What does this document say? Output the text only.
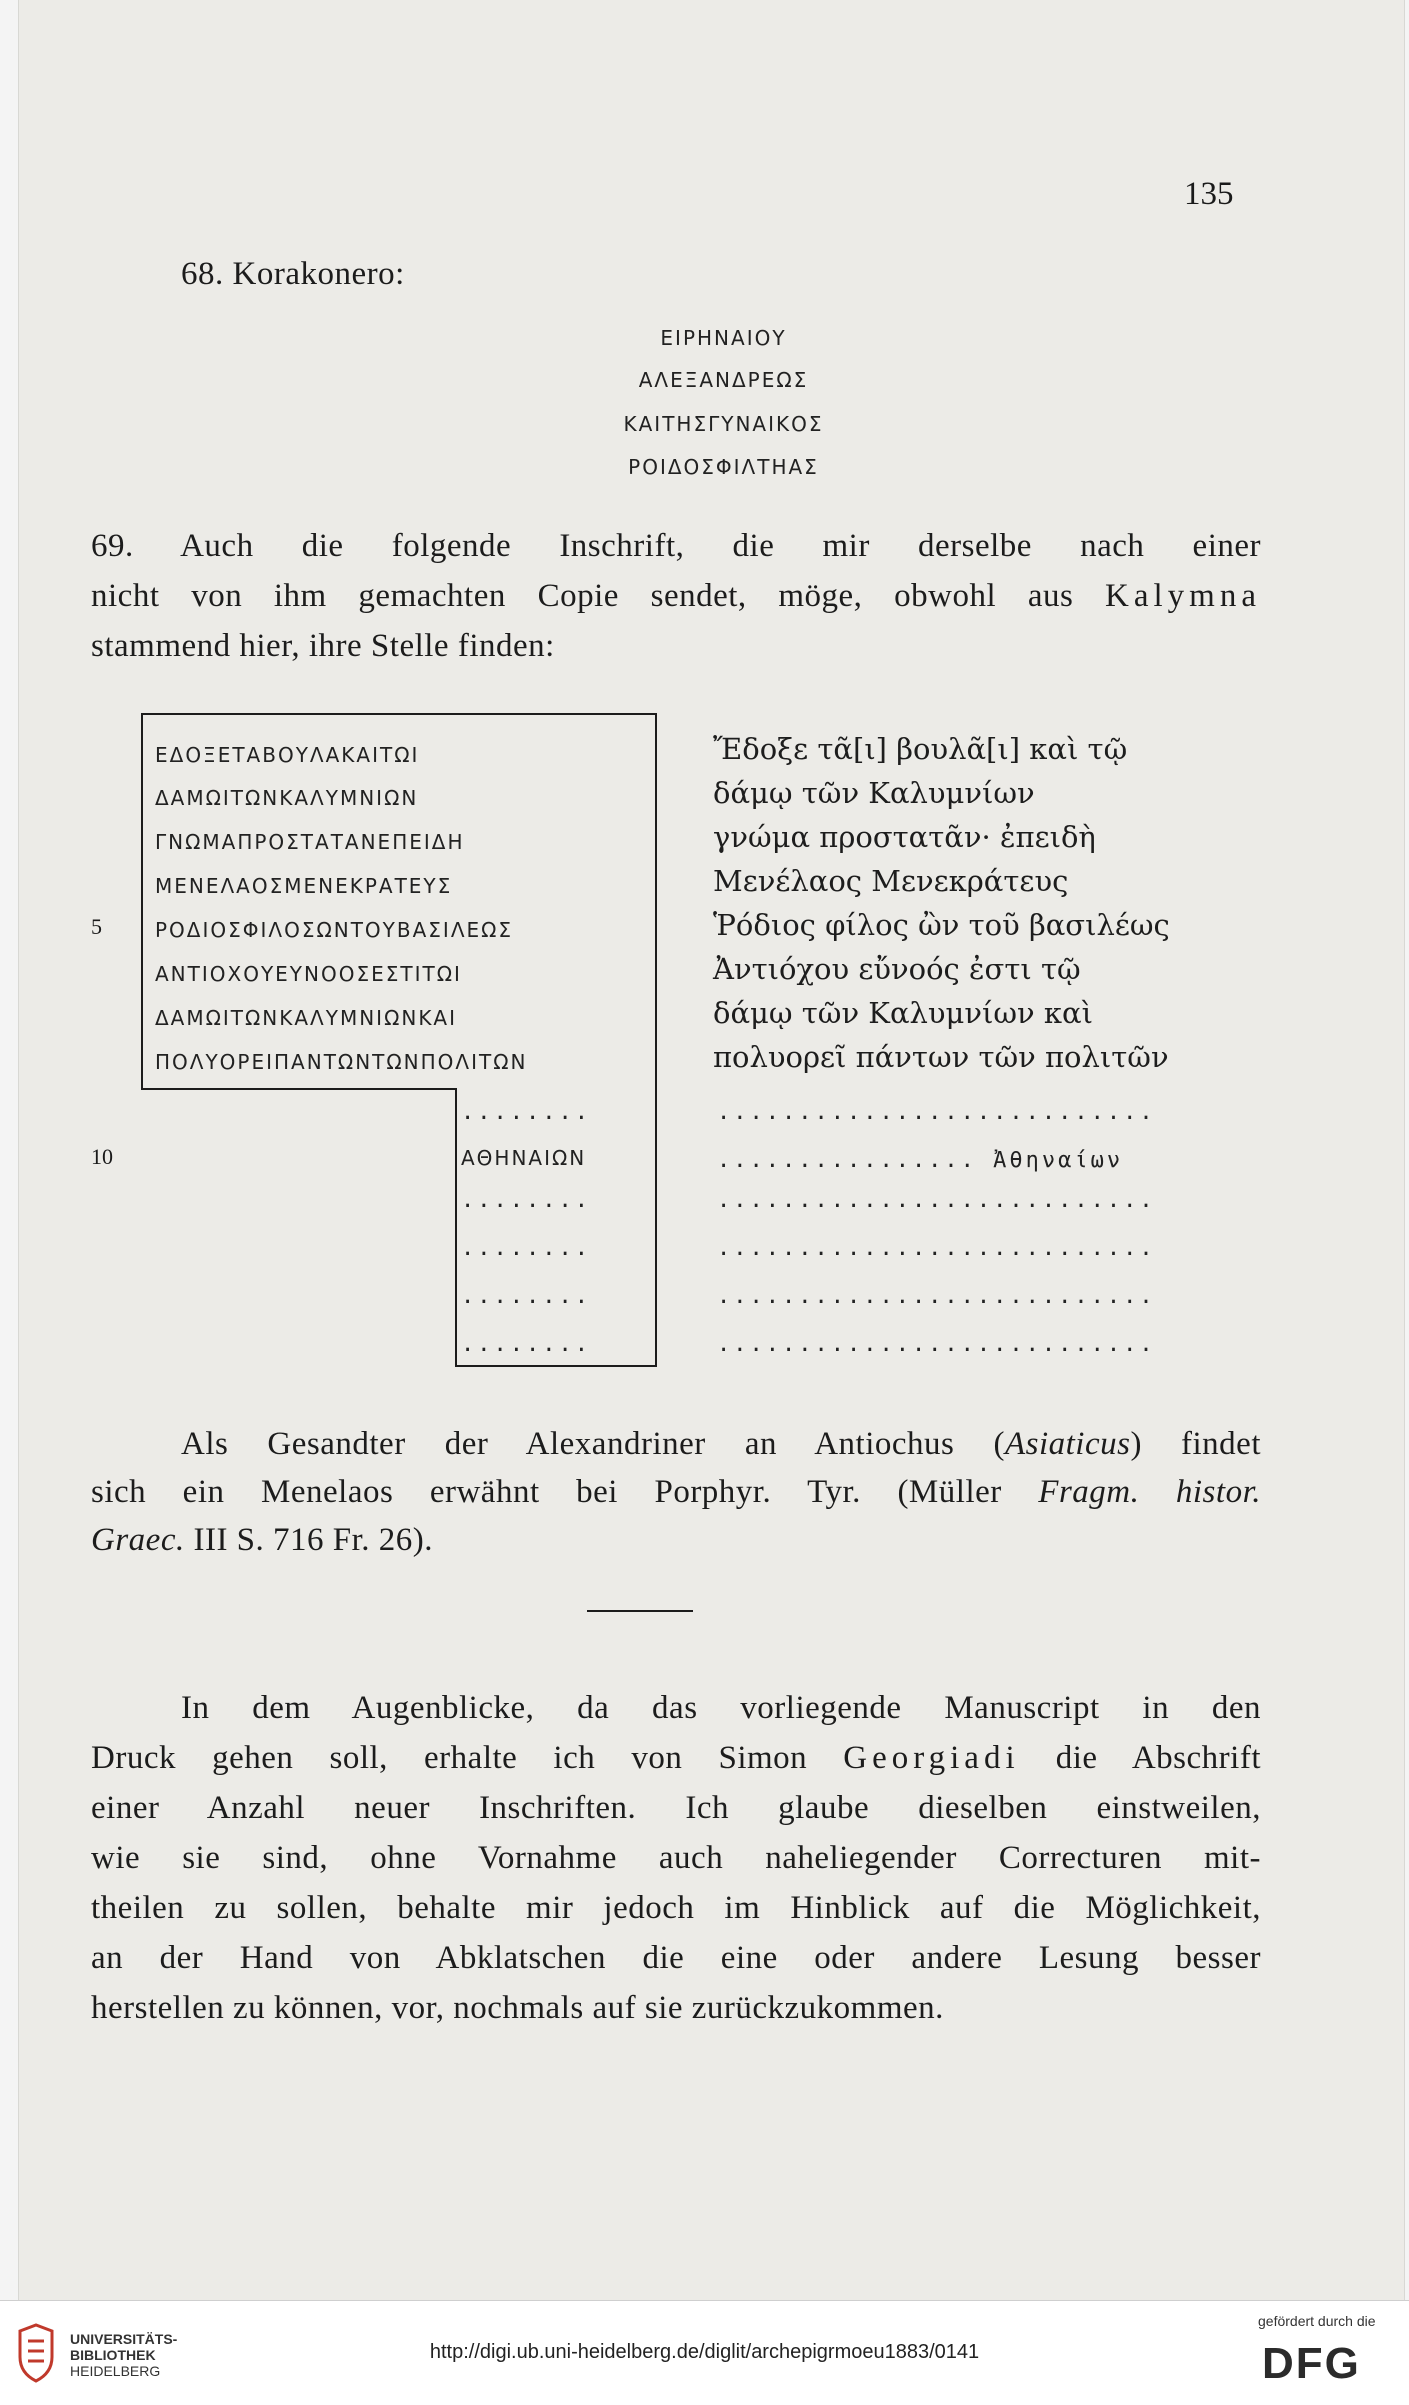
135
68. Korakonero:
ΕΙΡΗΝΑΙΟΥ
ΑΛΕΞΑΝΔΡΕΩΣ
ΚΑΙΤΗΣΓΥΝΑΙΚΟΣ
ΡΟΙΔΟΣΦΙΛΤΗΑΣ
69. Auch die folgende Inschrift, die mir derselbe nach einer
nicht von ihm gemachten Copie sendet, möge, obwohl aus Kalymna
stammend hier, ihre Stelle finden:
ΕΔΟΞΕΤΑΒΟΥΛΑΚΑΙΤΩΙ
ΔΑΜΩΙΤΩΝΚΑΛΥΜΝΙΩΝ
ΓΝΩΜΑΠΡΟΣΤΑΤΑΝΕΠΕΙΔΗ
ΜΕΝΕΛΑΟΣΜΕΝΕΚΡΑΤΕΥΣ
ΡΟΔΙΟΣΦΙΛΟΣΩΝΤΟΥΒΑΣΙΛΕΩΣ
ΑΝΤΙΟΧΟΥΕΥΝΟΟΣΕΣΤΙΤΩΙ
ΔΑΜΩΙΤΩΝΚΑΛΥΜΝΙΩΝΚΑΙ
ΠΟΛΥΟΡΕΙΠΑΝΤΩΝΤΩΝΠΟΛΙΤΩΝ
........
ΑΘΗΝΑΙΩΝ
........
........
........
........
5
10
Ἔδοξε τᾶ[ι] βουλᾶ[ι] καὶ τῷ
δάμῳ τῶν Καλυμνίων
γνώμα προστατᾶν· ἐπειδὴ
Μενέλαος Μενεκράτευς
Ῥόδιος φίλος ὢν τοῦ βασιλέως
Ἀντιόχου εὔνοός ἐστι τῷ
δάμῳ τῶν Καλυμνίων καὶ
πολυορεῖ πάντων τῶν πολιτῶν
...........................
................ Ἀθηναίων
...........................
...........................
...........................
...........................
Als Gesandter der Alexandriner an Antiochus (Asiaticus) findet
sich ein Menelaos erwähnt bei Porphyr. Tyr. (Müller Fragm. histor.
Graec. III S. 716 Fr. 26).
In dem Augenblicke, da das vorliegende Manuscript in den
Druck gehen soll, erhalte ich von Simon Georgiadi die Abschrift
einer Anzahl neuer Inschriften. Ich glaube dieselben einstweilen,
wie sie sind, ohne Vornahme auch naheliegender Correcturen mit-
theilen zu sollen, behalte mir jedoch im Hinblick auf die Möglichkeit,
an der Hand von Abklatschen die eine oder andere Lesung besser
herstellen zu können, vor, nochmals auf sie zurückzukommen.
UNIVERSITÄTS-
BIBLIOTHEK
HEIDELBERG
http://digi.ub.uni-heidelberg.de/diglit/archepigrmoeu1883/0141
gefördert durch die
DFG
